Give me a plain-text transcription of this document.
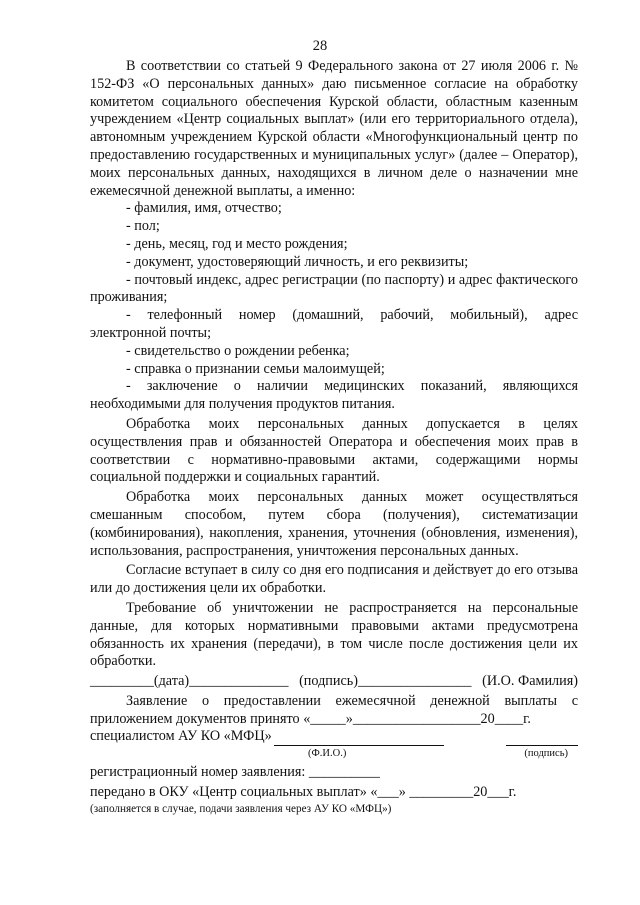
28

В соответствии со статьей 9 Федерального закона от 27 июля 2006 г. № 152-ФЗ «О персональных данных» даю письменное согласие на обработку комитетом социального обеспечения Курской области, областным казенным учреждением «Центр социальных выплат» (или его территориального отдела), автономным учреждением Курской области «Многофункциональный центр по предоставлению государственных и муниципальных услуг» (далее – Оператор), моих персональных данных, находящихся в личном деле о назначении мне ежемесячной денежной выплаты, а именно:

- фамилия, имя, отчество;

- пол;

- день, месяц, год и место рождения;

- документ, удостоверяющий личность, и его реквизиты;

- почтовый индекс, адрес регистрации (по паспорту) и адрес фактического проживания;

- телефонный номер (домашний, рабочий, мобильный), адрес электронной почты;

- свидетельство о рождении ребенка;

- справка о признании семьи малоимущей;

- заключение о наличии медицинских показаний, являющихся необходимыми для получения продуктов питания.

Обработка моих персональных данных допускается в целях осуществления прав и обязанностей Оператора и обеспечения моих прав в соответствии с нормативно-правовыми актами, содержащими нормы социальной поддержки и социальных гарантий.

Обработка моих персональных данных может осуществляться смешанным способом, путем сбора (получения), систематизации (комбинирования), накопления, хранения, уточнения (обновления, изменения), использования, распространения, уничтожения персональных данных.

Согласие вступает в силу со дня его подписания и действует до его отзыва или до достижения цели их обработки.

Требование об уничтожении не распространяется на персональные данные, для которых нормативными правовыми актами предусмотрена обязанность их хранения (передачи), в том числе после достижения цели их обработки.

_________(дата)______________ (подпись)________________ (И.О. Фамилия)

Заявление о предоставлении ежемесячной денежной выплаты с приложением документов принято «_____»__________________20____г.

специалистом АУ КО «МФЦ»
(Ф.И.О.)	(подпись)
регистрационный номер заявления: __________
передано в ОКУ «Центр социальных выплат» «___» _________20___г.
(заполняется в случае, подачи заявления через АУ КО «МФЦ»)
